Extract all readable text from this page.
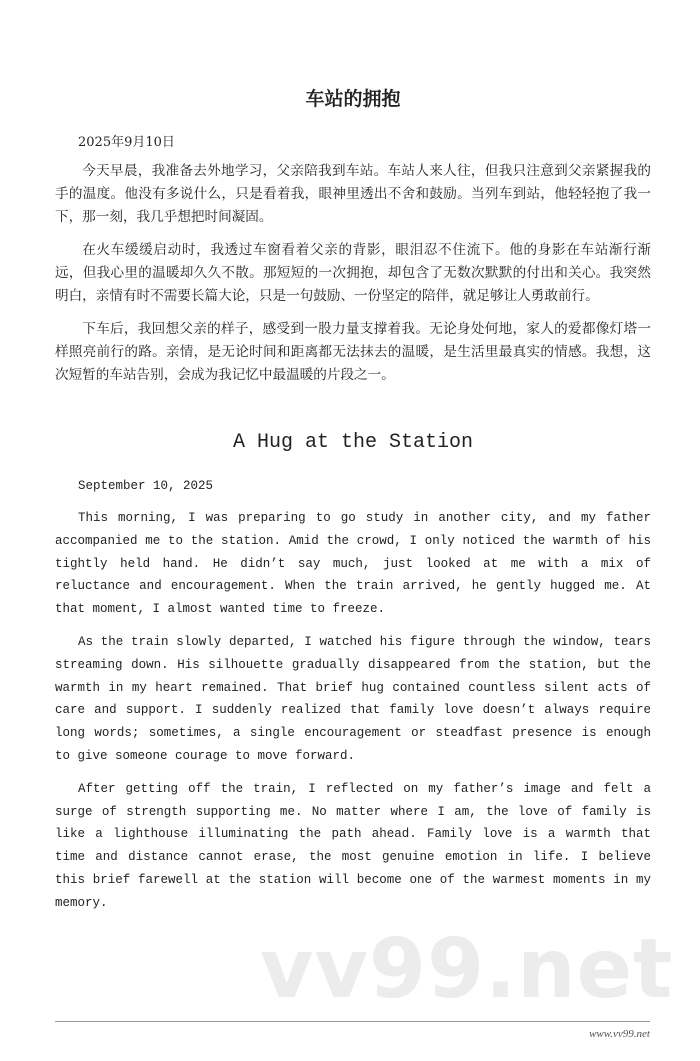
车站的拥抱
2025年9月10日

今天早晨，我准备去外地学习，父亲陪我到车站。车站人来人往，但我只注意到父亲紧握我的手的温度。他没有多说什么，只是看着我，眼神里透出不舍和鼓励。当列车到站，他轻轻抱了我一下，那一刻，我几乎想把时间凝固。

在火车缓缓启动时，我透过车窗看着父亲的背影，眼泪忍不住流下。他的身影在车站渐行渐远，但我心里的温暖却久久不散。那短短的一次拥抱，却包含了无数次默默的付出和关心。我突然明白，亲情有时不需要长篇大论，只是一句鼓励、一份坚定的陪伴，就足够让人勇敢前行。

下车后，我回想父亲的样子，感受到一股力量支撑着我。无论身处何地，家人的爱都像灯塔一样照亮前行的路。亲情，是无论时间和距离都无法抹去的温暖，是生活里最真实的情感。我想，这次短暂的车站告别，会成为我记忆中最温暖的片段之一。

A Hug at the Station
September 10, 2025

This morning, I was preparing to go study in another city, and my father accompanied me to the station. Amid the crowd, I only noticed the warmth of his tightly held hand. He didn’t say much, just looked at me with a mix of reluctance and encouragement. When the train arrived, he gently hugged me. At that moment, I almost wanted time to freeze.

As the train slowly departed, I watched his figure through the window, tears streaming down. His silhouette gradually disappeared from the station, but the warmth in my heart remained. That brief hug contained countless silent acts of care and support. I suddenly realized that family love doesn’t always require long words; sometimes, a single encouragement or steadfast presence is enough to give someone courage to move forward.

After getting off the train, I reflected on my father’s image and felt a surge of strength supporting me. No matter where I am, the love of family is like a lighthouse illuminating the path ahead. Family love is a warmth that time and distance cannot erase, the most genuine emotion in life. I believe this brief farewell at the station will become one of the warmest moments in my memory.

vv99.net
www.vv99.net
